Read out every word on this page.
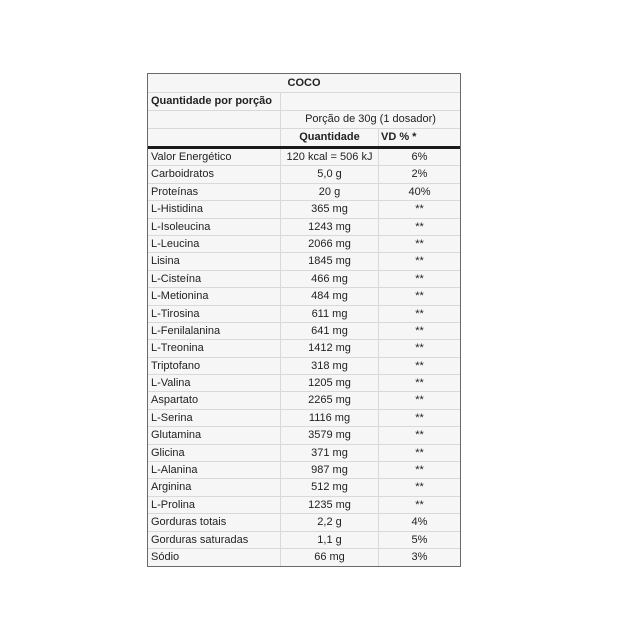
COCO
Quantidade por porção
Porção de 30g (1 dosador)
Quantidade	VD % *
Valor Energético	120 kcal = 506 kJ	6%
Carboidratos	5,0 g	2%
Proteínas	20 g	40%
L-Histidina	365 mg	**
L-Isoleucina	1243 mg	**
L-Leucina	2066 mg	**
Lisina	1845 mg	**
L-Cisteína	466 mg	**
L-Metionina	484 mg	**
L-Tirosina	611 mg	**
L-Fenilalanina	641 mg	**
L-Treonina	1412 mg	**
Triptofano	318 mg	**
L-Valina	1205 mg	**
Aspartato	2265 mg	**
L-Serina	1116 mg	**
Glutamina	3579 mg	**
Glicina	371 mg	**
L-Alanina	987 mg	**
Arginina	512 mg	**
L-Prolina	1235 mg	**
Gorduras totais	2,2 g	4%
Gorduras saturadas	1,1 g	5%
Sódio	66 mg	3%
